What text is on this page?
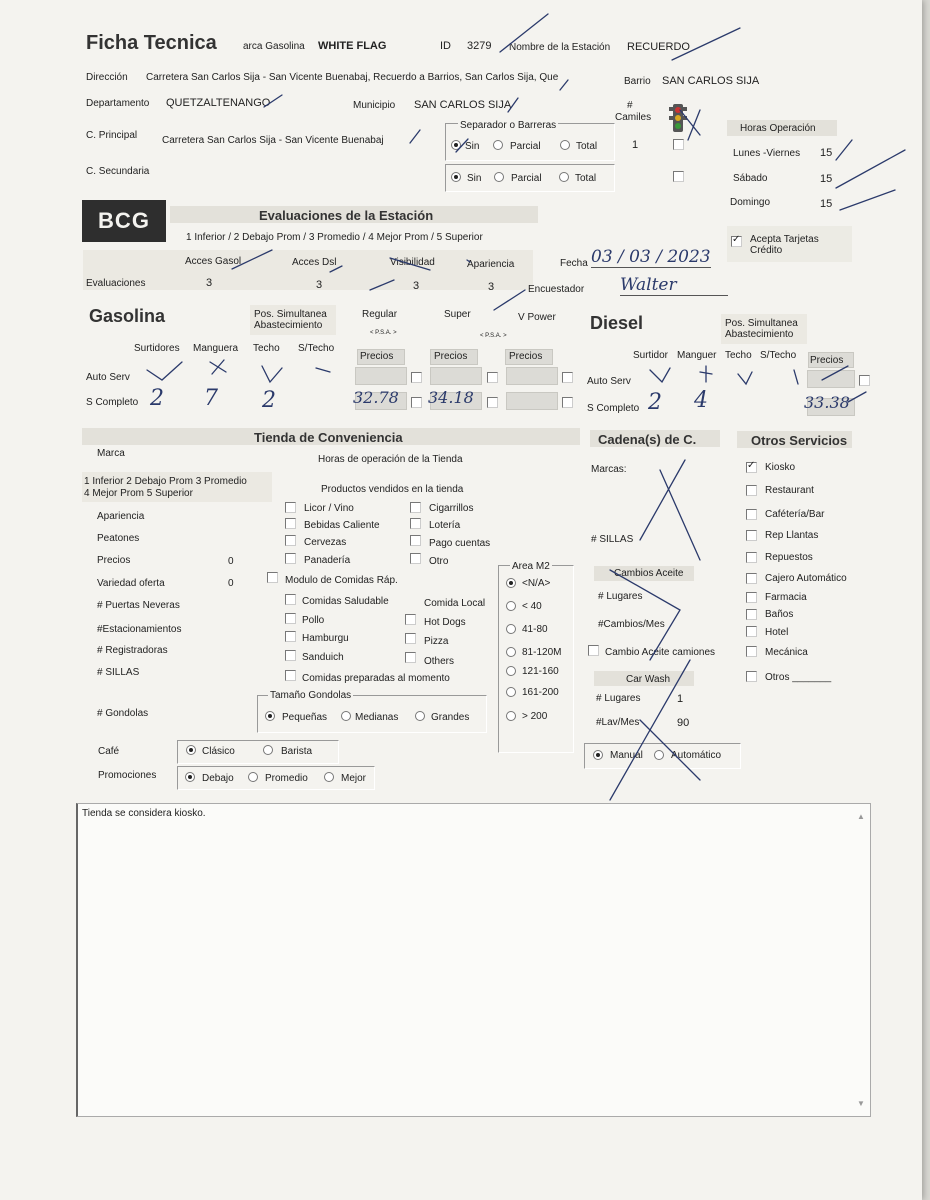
Ficha Tecnica	arca Gasolina WHITE FLAG	ID 3279 Nombre de la Estación RECUERDO
Dirección Carretera San Carlos Sija - San Vicente Buenabaj, Recuerdo a Barrios, San Carlos Sija, Que	Barrio SAN CARLOS SIJA
Departamento QUETZALTENANGO	Municipio SAN CARLOS SIJA	#
Camiles
C. Principal Carretera San Carlos Sija - San Vicente Buenabaj
C. Secundaria
1
Separador o Barreras
Sin	Parcial	Total
Sin	Parcial	Total
Horas Operación
Lunes -Viernes 15
Sábado	15
Domingo	15
✓
Acepta Tarjetas Crédito
BCG	Evaluaciones de la Estación
1 Inferior / 2 Debajo Prom / 3 Promedio / 4 Mejor Prom / 5 Superior
Acces Gasol	Acces Dsl	Visibilidad	Apariencia
Evaluaciones	3	3	3	3
Fecha 03 / 03 / 2023
Encuestador Walter
Gasolina	Pos. Simultanea Abastecimiento
Regular	Super	V Power
< P.S.A. >	< P.S.A. >
Surtidores Manguera Techo S/Techo
Precios	Precios	Precios
Auto Serv
S Completo 2 7 2	32.78 34.18
Diesel	Pos. Simultanea Abastecimiento
Surtidor Manguer Techo S/Techo Precios
Auto Serv
S Completo 2 4	33.38
Tienda de Conveniencia	Cadena(s) de C.	Otros Servicios
Marca
Horas de operación de la Tienda
1 Inferior 2 Debajo Prom 3 Promedio
4 Mejor Prom 5 Superior	Productos vendidos en la tienda
Apariencia
Peatones
Precios	0
Variedad oferta	0
# Puertas Neveras
#Estacionamientos
# Registradoras
# SILLAS
# Gondolas
Licor / Vino
Bebidas Caliente
Cervezas
Panadería
Cigarrillos
Lotería
Pago cuentas
Otro
Modulo de Comidas Ráp.
Comidas Saludable	Comida Local
Pollo	Hot Dogs
Hamburgu	Pizza
Sanduich	Others
Comidas preparadas al momento
Tamaño Gondolas
Pequeñas	Medianas	Grandes
Café	Clásico	Barista
Promociones	Debajo	Promedio	Mejor
Area M2
<N/A>
< 40
41-80
81-120M
121-160
161-200
> 200
Marcas:
# SILLAS
Cambios Aceite
# Lugares
#Cambios/Mes
Cambio Aceite camiones
Car Wash
# Lugares	1
#Lav/Mes	90
Manual	Automático
✓
Kiosko
Restaurant
Cafétería/Bar
Rep Llantas
Repuestos
Cajero Automático
Farmacia
Baños
Hotel
Mecánica
Otros _______
Tienda se considera kiosko.	▲
▼
